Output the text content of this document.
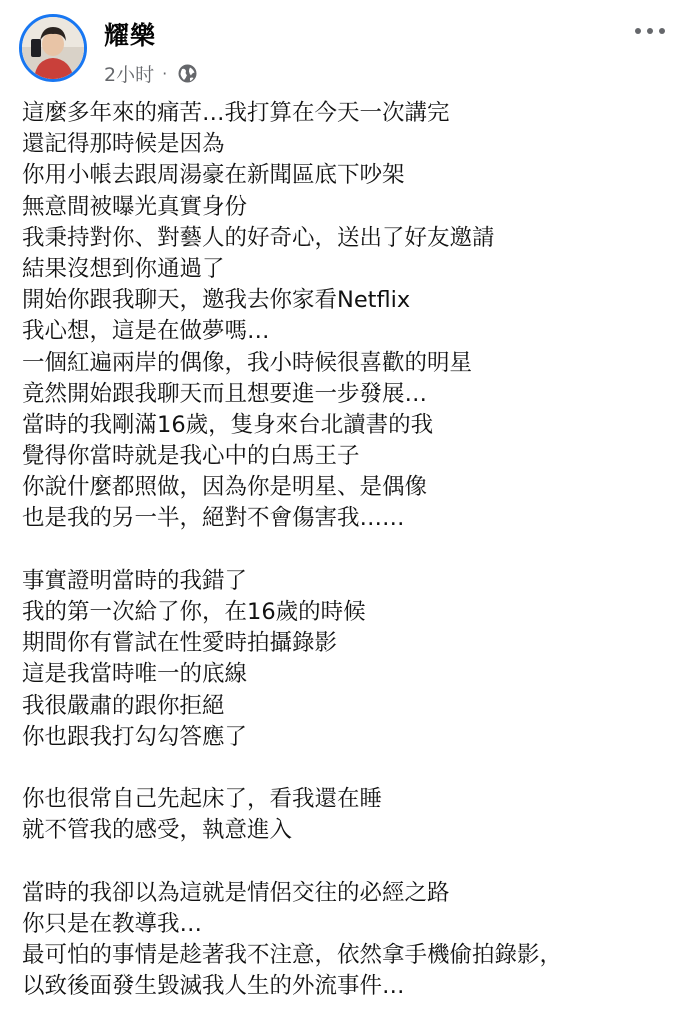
耀樂
2小时 ·
這麼多年來的痛苦…我打算在今天一次講完
還記得那時候是因為
你用小帳去跟周湯豪在新聞區底下吵架
無意間被曝光真實身份
我秉持對你、對藝人的好奇心，送出了好友邀請
結果沒想到你通過了
開始你跟我聊天，邀我去你家看Netflix
我心想，這是在做夢嗎…
一個紅遍兩岸的偶像，我小時候很喜歡的明星
竟然開始跟我聊天而且想要進一步發展…
當時的我剛滿16歲，隻身來台北讀書的我
覺得你當時就是我心中的白馬王子
你說什麼都照做，因為你是明星、是偶像
也是我的另一半，絕對不會傷害我……
事實證明當時的我錯了
我的第一次給了你，在16歲的時候
期間你有嘗試在性愛時拍攝錄影
這是我當時唯一的底線
我很嚴肅的跟你拒絕
你也跟我打勾勾答應了
你也很常自己先起床了，看我還在睡
就不管我的感受，執意進入
當時的我卻以為這就是情侶交往的必經之路
你只是在教導我…
最可怕的事情是趁著我不注意，依然拿手機偷拍錄影，
以致後面發生毀滅我人生的外流事件…
